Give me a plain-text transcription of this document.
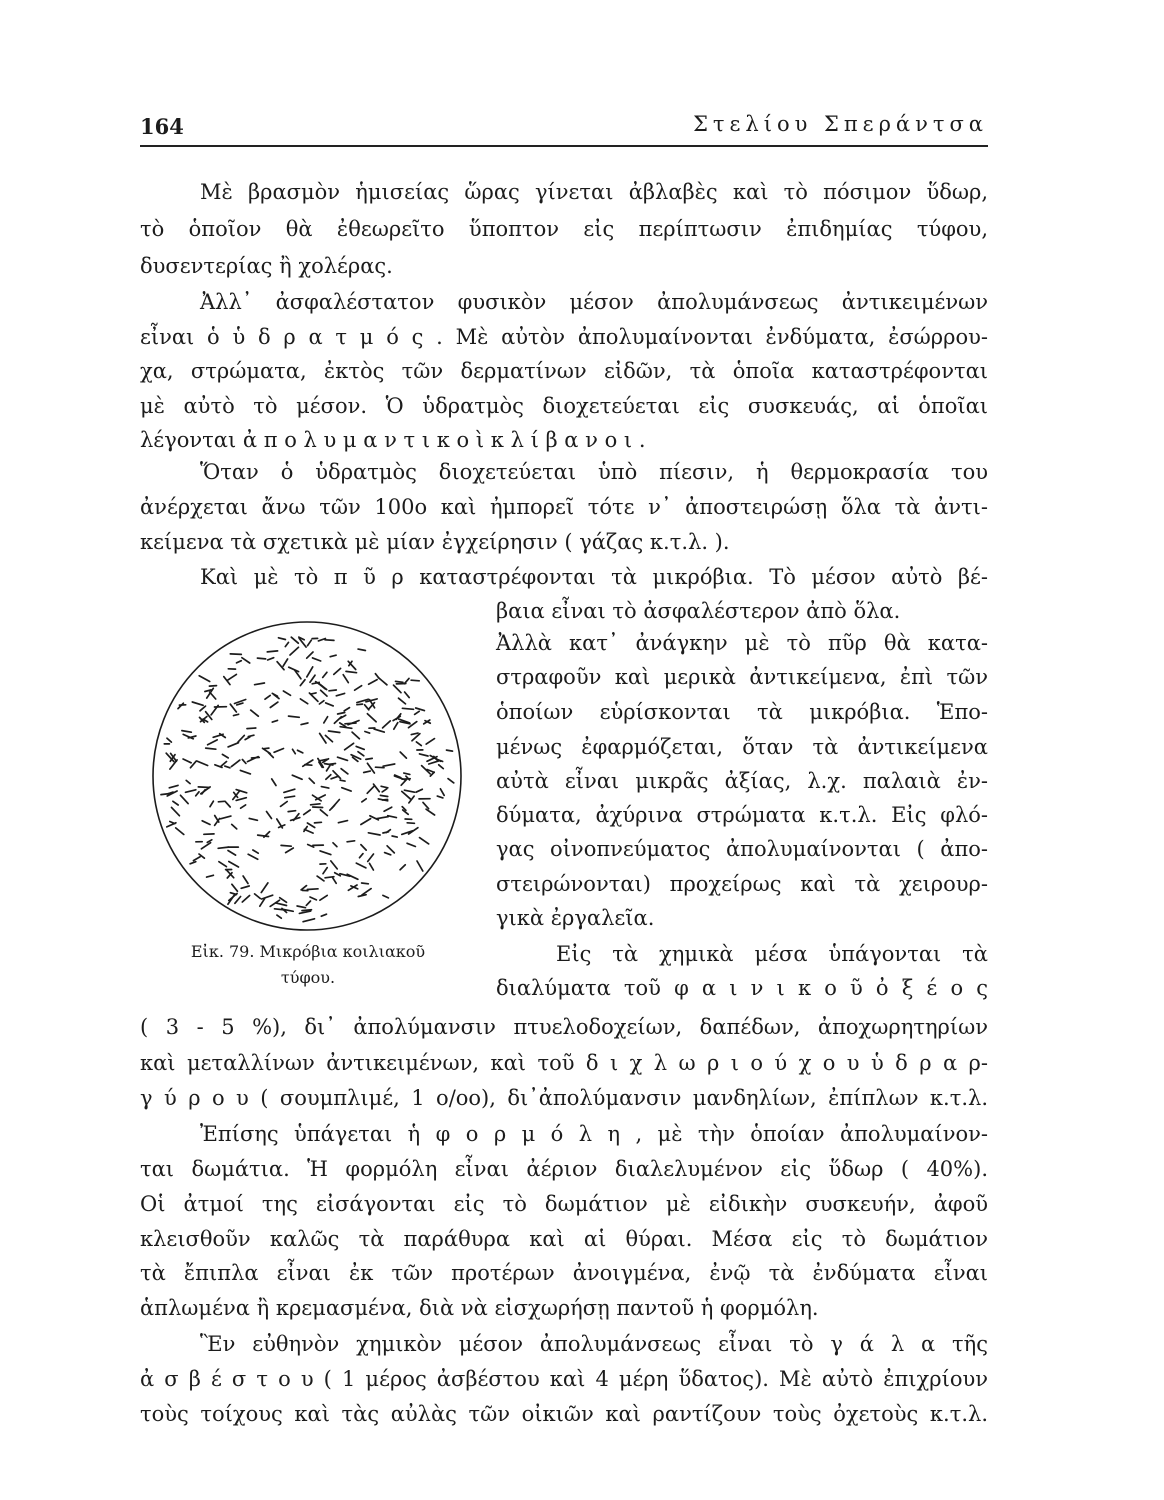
164	Στελίου Σπεράντσα
Μὲ βρασμὸν ἡμισείας ὥρας γίνεται ἀβλαβὲς καὶ τὸ πόσιμον ὕδωρ,
τὸ ὁποῖον θὰ ἐθεωρεῖτο ὕποπτον εἰς περίπτωσιν ἐπιδημίας τύφου,
δυσεντερίας ἢ χολέρας.
Ἀλλ᾽ ἀσφαλέστατον φυσικὸν μέσον ἀπολυμάνσεως ἀντικειμένων
εἶναι ὁ ὑ δ ρ α τ μ ό ς . Μὲ αὐτὸν ἀπολυμαίνονται ἐνδύματα, ἐσώρρου-
χα, στρώματα, ἐκτὸς τῶν δερματίνων εἰδῶν, τὰ ὁποῖα καταστρέφονται
μὲ αὐτὸ τὸ μέσον. Ὁ ὑδρατμὸς διοχετεύεται εἰς συσκευάς, αἱ ὁποῖαι
λέγονται ἀ π ο λ υ μ α ν τ ι κ ο ὶ κ λ ί β α ν ο ι .
Ὅταν ὁ ὑδρατμὸς διοχετεύεται ὑπὸ πίεσιν, ἡ θερμοκρασία του
ἀνέρχεται ἄνω τῶν 100ο καὶ ἠμπορεῖ τότε ν᾽ ἀποστειρώσῃ ὅλα τὰ ἀντι-
κείμενα τὰ σχετικὰ μὲ μίαν ἐγχείρησιν ( γάζας κ.τ.λ. ).
Καὶ μὲ τὸ π ῦ ρ καταστρέφονται τὰ μικρόβια. Τὸ μέσον αὐτὸ βέ-
βαια εἶναι τὸ ἀσφαλέστερον ἀπὸ ὅλα.
Ἀλλὰ κατ᾽ ἀνάγκην μὲ τὸ πῦρ θὰ κατα-
στραφοῦν καὶ μερικὰ ἀντικείμενα, ἐπὶ τῶν
ὁποίων εὑρίσκονται τὰ μικρόβια. Ἑπο-
μένως ἐφαρμόζεται, ὅταν τὰ ἀντικείμενα
αὐτὰ εἶναι μικρᾶς ἀξίας, λ.χ. παλαιὰ ἐν-
δύματα, ἀχύρινα στρώματα κ.τ.λ. Εἰς φλό-
γας οἰνοπνεύματος ἀπολυμαίνονται ( ἀπο-
στειρώνονται) προχείρως καὶ τὰ χειρουρ-
γικὰ ἐργαλεῖα.
Εἰς τὰ χημικὰ μέσα ὑπάγονται τὰ
διαλύματα τοῦ φ α ι ν ι κ ο ῦ ὀ ξ έ ο ς
( 3 - 5 %), δι᾽ ἀπολύμανσιν πτυελοδοχείων, δαπέδων, ἀποχωρητηρίων
καὶ μεταλλίνων ἀντικειμένων, καὶ τοῦ δ ι χ λ ω ρ ι ο ύ χ ο υ ὑ δ ρ α ρ-
γ ύ ρ ο υ ( σουμπλιμέ, 1 ο/οο), δι᾽ἀπολύμανσιν μανδηλίων, ἐπίπλων κ.τ.λ.
Ἐπίσης ὑπάγεται ἡ φ ο ρ μ ό λ η , μὲ τὴν ὁποίαν ἀπολυμαίνον-
ται δωμάτια. Ἡ φορμόλη εἶναι ἀέριον διαλελυμένον εἰς ὕδωρ ( 40%).
Οἱ ἀτμοί της εἰσάγονται εἰς τὸ δωμάτιον μὲ εἰδικὴν συσκευήν, ἀφοῦ
κλεισθοῦν καλῶς τὰ παράθυρα καὶ αἱ θύραι. Μέσα εἰς τὸ δωμάτιον
τὰ ἔπιπλα εἶναι ἐκ τῶν προτέρων ἀνοιγμένα, ἐνῷ τὰ ἐνδύματα εἶναι
ἁπλωμένα ἢ κρεμασμένα, διὰ νὰ εἰσχωρήσῃ παντοῦ ἡ φορμόλη.
Ἓν εὐθηνὸν χημικὸν μέσον ἀπολυμάνσεως εἶναι τὸ γ ά λ α τῆς
ἀ σ β έ σ τ ο υ ( 1 μέρος ἀσβέστου καὶ 4 μέρη ὕδατος). Μὲ αὐτὸ ἐπιχρίουν
τοὺς τοίχους καὶ τὰς αὐλὰς τῶν οἰκιῶν καὶ ραντίζουν τοὺς ὀχετοὺς κ.τ.λ.
Εἰκ. 79. Μικρόβια κοιλιακοῦ
τύφου.
